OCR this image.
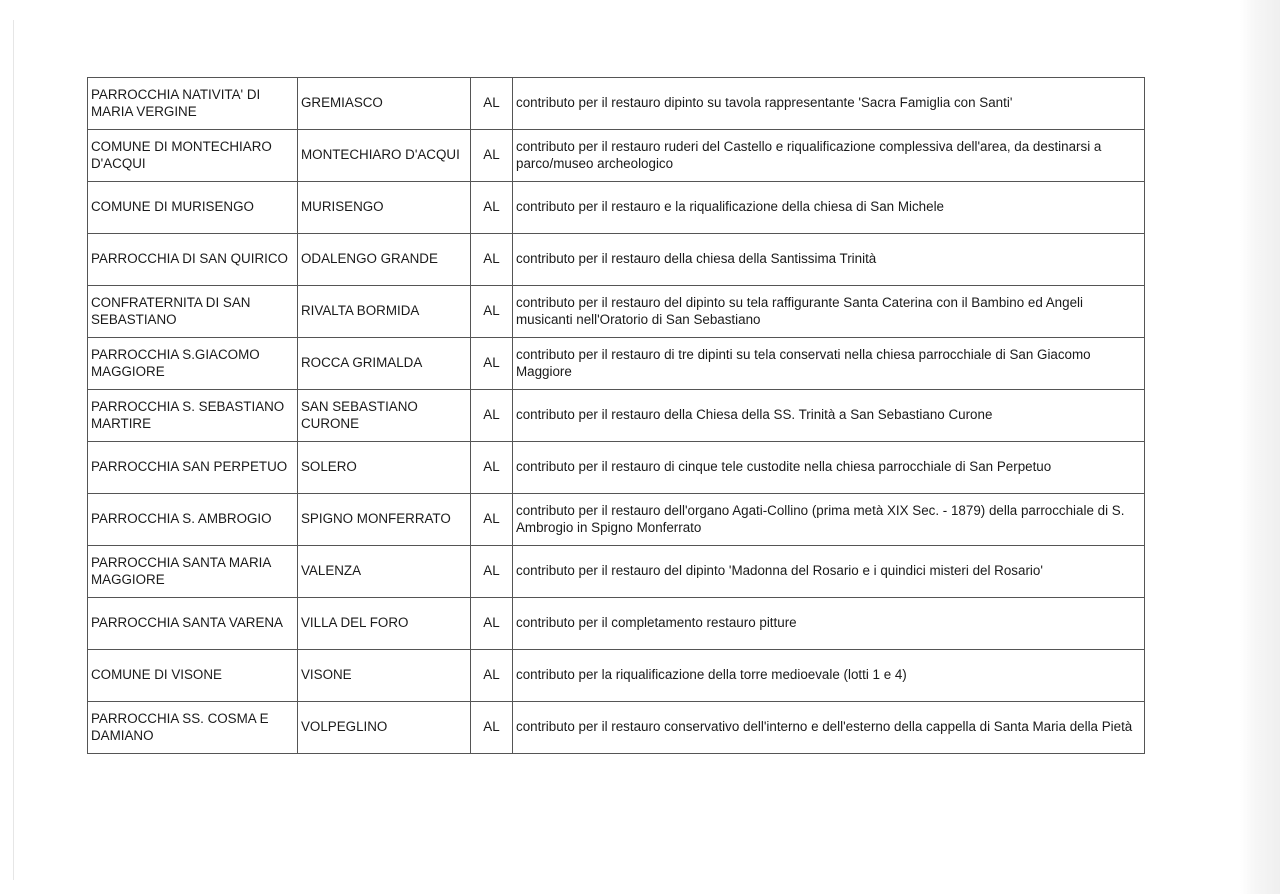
PARROCCHIA NATIVITA' DI MARIA VERGINE	GREMIASCO	AL	contributo per il restauro dipinto su tavola rappresentante 'Sacra Famiglia con Santi'
COMUNE DI MONTECHIARO D'ACQUI	MONTECHIARO D'ACQUI	AL	contributo per il restauro ruderi del Castello e riqualificazione complessiva dell'area, da destinarsi a parco/museo archeologico
COMUNE DI MURISENGO	MURISENGO	AL	contributo per il restauro e la riqualificazione della chiesa di San Michele
PARROCCHIA DI SAN QUIRICO	ODALENGO GRANDE	AL	contributo per il restauro della chiesa della Santissima Trinità
CONFRATERNITA DI SAN SEBASTIANO	RIVALTA BORMIDA	AL	contributo per il restauro del dipinto su tela raffigurante Santa Caterina con il Bambino ed Angeli musicanti nell'Oratorio di San Sebastiano
PARROCCHIA S.GIACOMO MAGGIORE	ROCCA GRIMALDA	AL	contributo per il restauro di tre dipinti su tela conservati nella chiesa parrocchiale di San Giacomo Maggiore
PARROCCHIA S. SEBASTIANO MARTIRE	SAN SEBASTIANO CURONE	AL	contributo per il restauro della Chiesa della SS. Trinità a San Sebastiano Curone
PARROCCHIA SAN PERPETUO	SOLERO	AL	contributo per il restauro di cinque tele custodite nella chiesa parrocchiale di San Perpetuo
PARROCCHIA S. AMBROGIO	SPIGNO MONFERRATO	AL	contributo per il restauro dell'organo Agati-Collino (prima metà XIX Sec. - 1879) della parrocchiale di S. Ambrogio in Spigno Monferrato
PARROCCHIA SANTA MARIA MAGGIORE	VALENZA	AL	contributo per il restauro del dipinto 'Madonna del Rosario e i quindici misteri del Rosario'
PARROCCHIA SANTA VARENA	VILLA DEL FORO	AL	contributo per il completamento restauro pitture
COMUNE DI VISONE	VISONE	AL	contributo per la riqualificazione della torre medioevale (lotti 1 e 4)
PARROCCHIA SS. COSMA E DAMIANO	VOLPEGLINO	AL	contributo per il restauro conservativo dell'interno e dell'esterno della cappella di Santa Maria della Pietà
